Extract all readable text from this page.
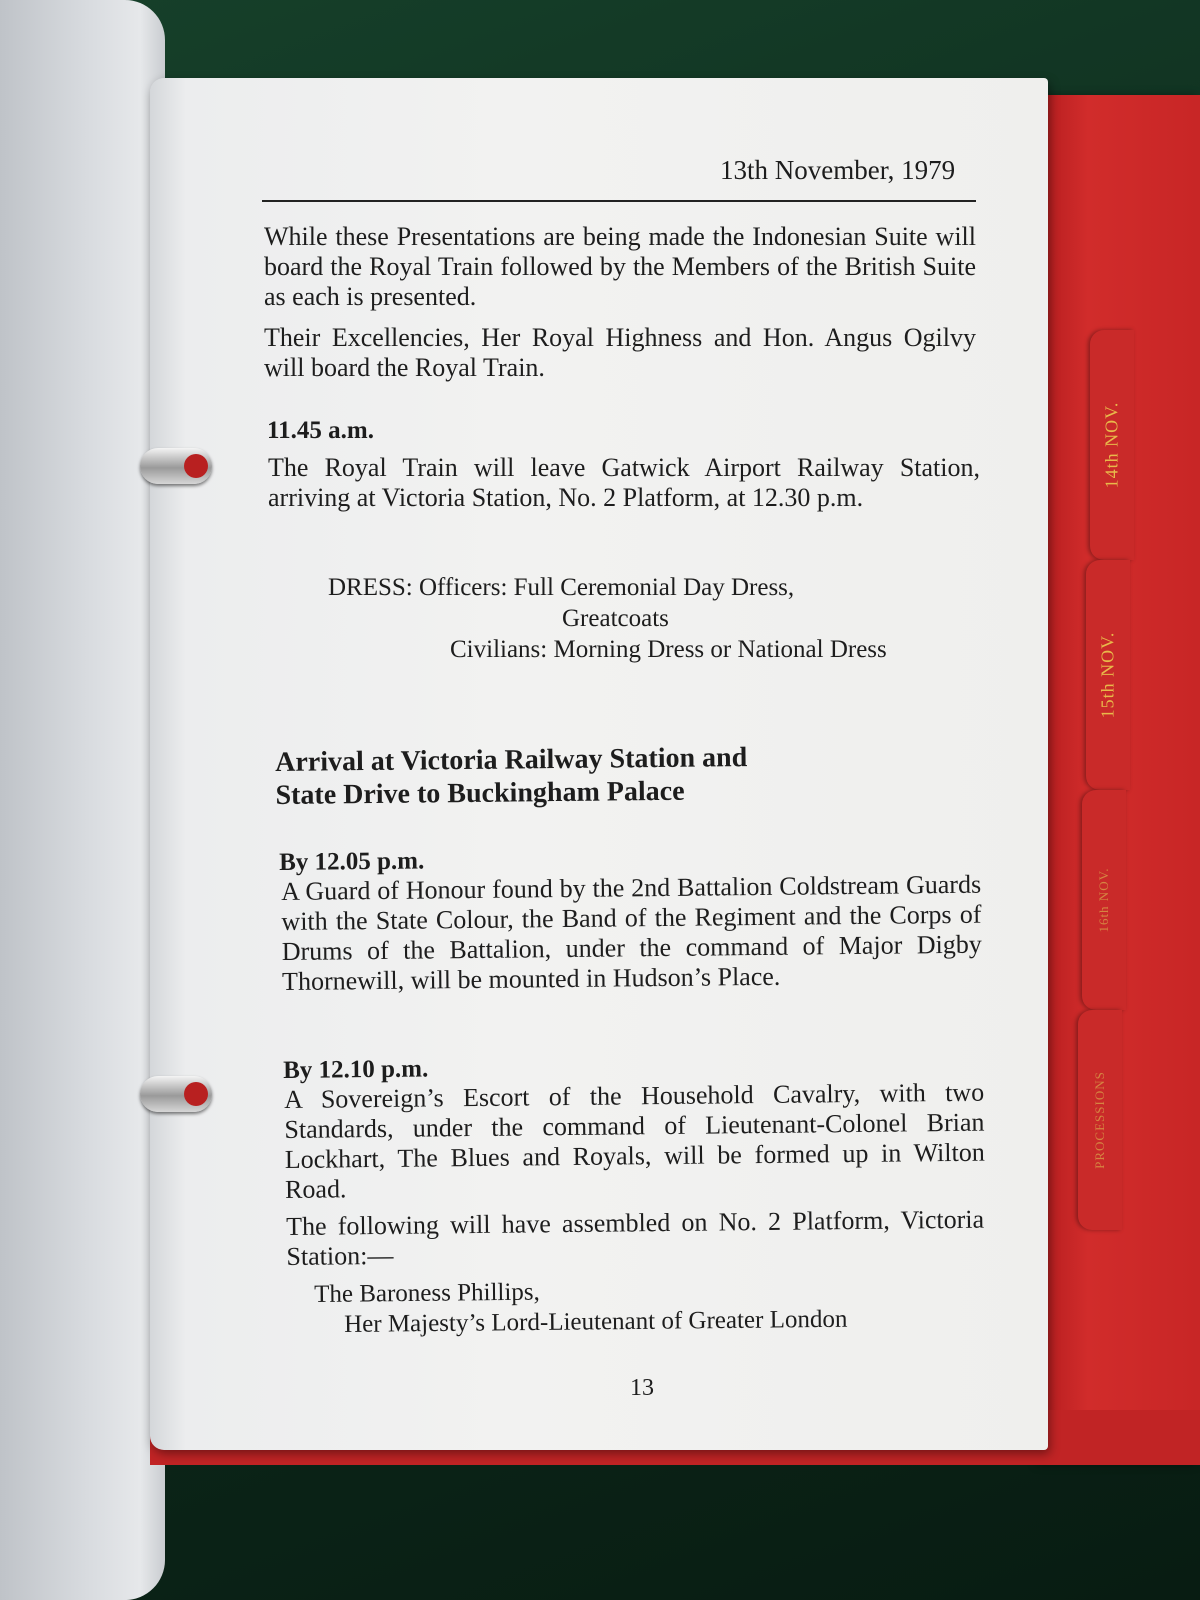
14th NOV.
15th NOV.
16th NOV.
PROCESSIONS
13th November, 1979
While these Presentations are being made the Indonesian Suite will board the Royal Train followed by the Members of the British Suite as each is presented.
Their Excellencies, Her Royal Highness and Hon. Angus Ogilvy will board the Royal Train.
11.45 a.m.
The Royal Train will leave Gatwick Airport Railway Station, arriving at Victoria Station, No. 2 Platform, at 12.30 p.m.
DRESS: Officers: Full Ceremonial Day Dress,
Greatcoats
Civilians: Morning Dress or National Dress
Arrival at Victoria Railway Station and
State Drive to Buckingham Palace
By 12.05 p.m.
A Guard of Honour found by the 2nd Battalion Coldstream Guards with the State Colour, the Band of the Regiment and the Corps of Drums of the Battalion, under the command of Major Digby Thornewill, will be mounted in Hudson’s Place.
By 12.10 p.m.
A Sovereign’s Escort of the Household Cavalry, with two Standards, under the command of Lieutenant-Colonel Brian Lockhart, The Blues and Royals, will be formed up in Wilton Road.
The following will have assembled on No. 2 Platform, Victoria Station:—
The Baroness Phillips,
Her Majesty’s Lord-Lieutenant of Greater London
13
